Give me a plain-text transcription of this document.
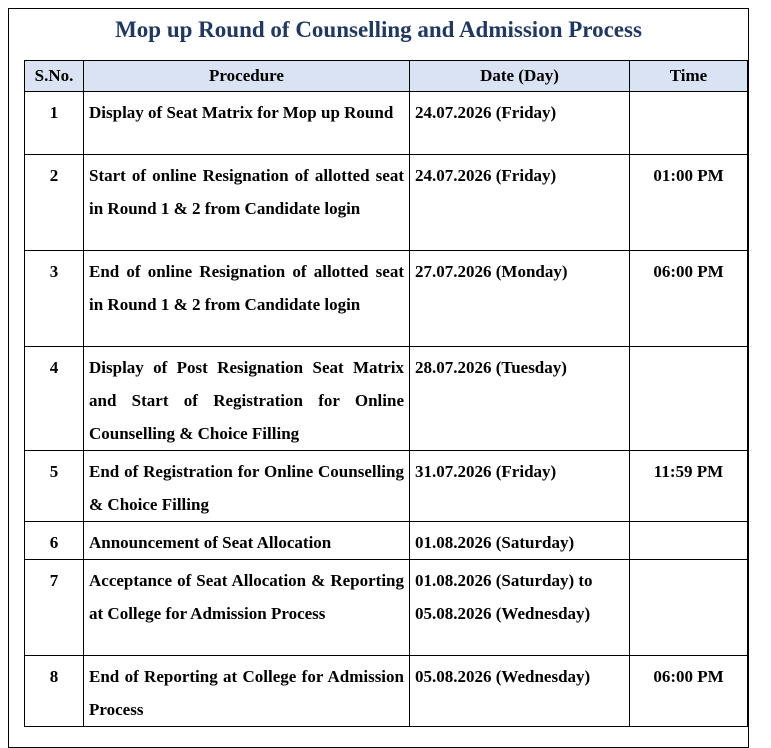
Mop up Round of Counselling and Admission Process
S.No.	Procedure	Date (Day)	Time
1	Display of Seat Matrix for Mop up Round	24.07.2026 (Friday)	
2	Start of online Resignation of allotted seat in Round 1 & 2 from Candidate login	24.07.2026 (Friday)	01:00 PM
3	End of online Resignation of allotted seat in Round 1 & 2 from Candidate login	27.07.2026 (Monday)	06:00 PM
4	Display of Post Resignation Seat Matrix and Start of Registration for Online Counselling & Choice Filling	28.07.2026 (Tuesday)	
5	End of Registration for Online Counselling & Choice Filling	31.07.2026 (Friday)	11:59 PM
6	Announcement of Seat Allocation	01.08.2026 (Saturday)	
7	Acceptance of Seat Allocation & Reporting at College for Admission Process	01.08.2026 (Saturday) to 05.08.2026 (Wednesday)	
8	End of Reporting at College for Admission Process	05.08.2026 (Wednesday)	06:00 PM
